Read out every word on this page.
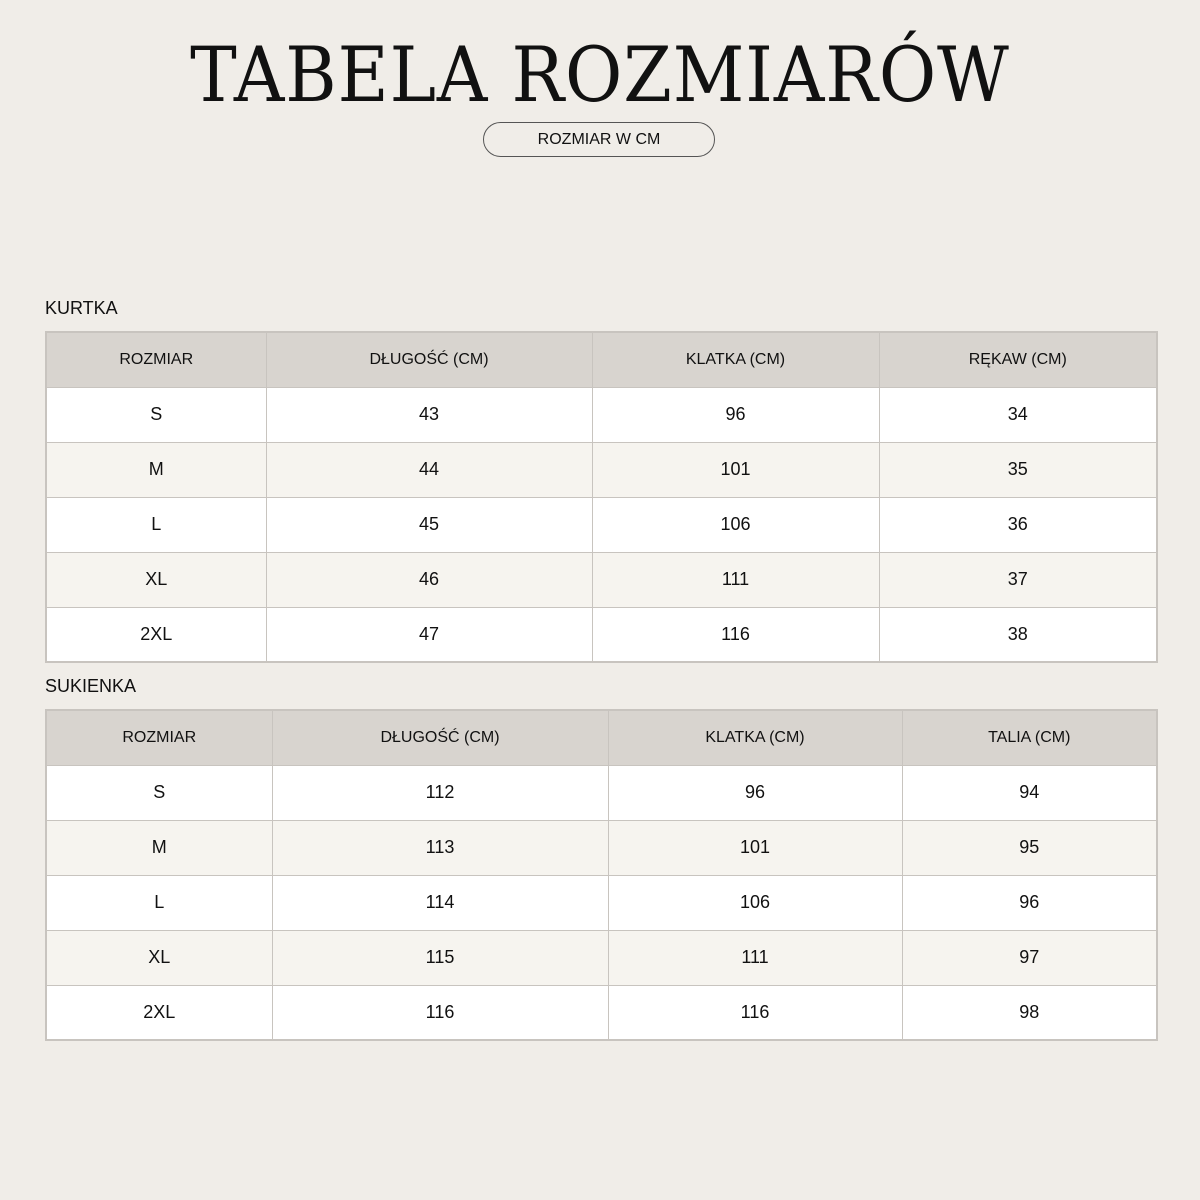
TABELA ROZMIARÓW
ROZMIAR W CM
KURTKA
ROZMIAR	DŁUGOŚĆ (CM)	KLATKA (CM)	RĘKAW (CM)
S	43	96	34
M	44	101	35
L	45	106	36
XL	46	111	37
2XL	47	116	38
SUKIENKA
ROZMIAR	DŁUGOŚĆ (CM)	KLATKA (CM)	TALIA (CM)
S	112	96	94
M	113	101	95
L	114	106	96
XL	115	111	97
2XL	116	116	98
